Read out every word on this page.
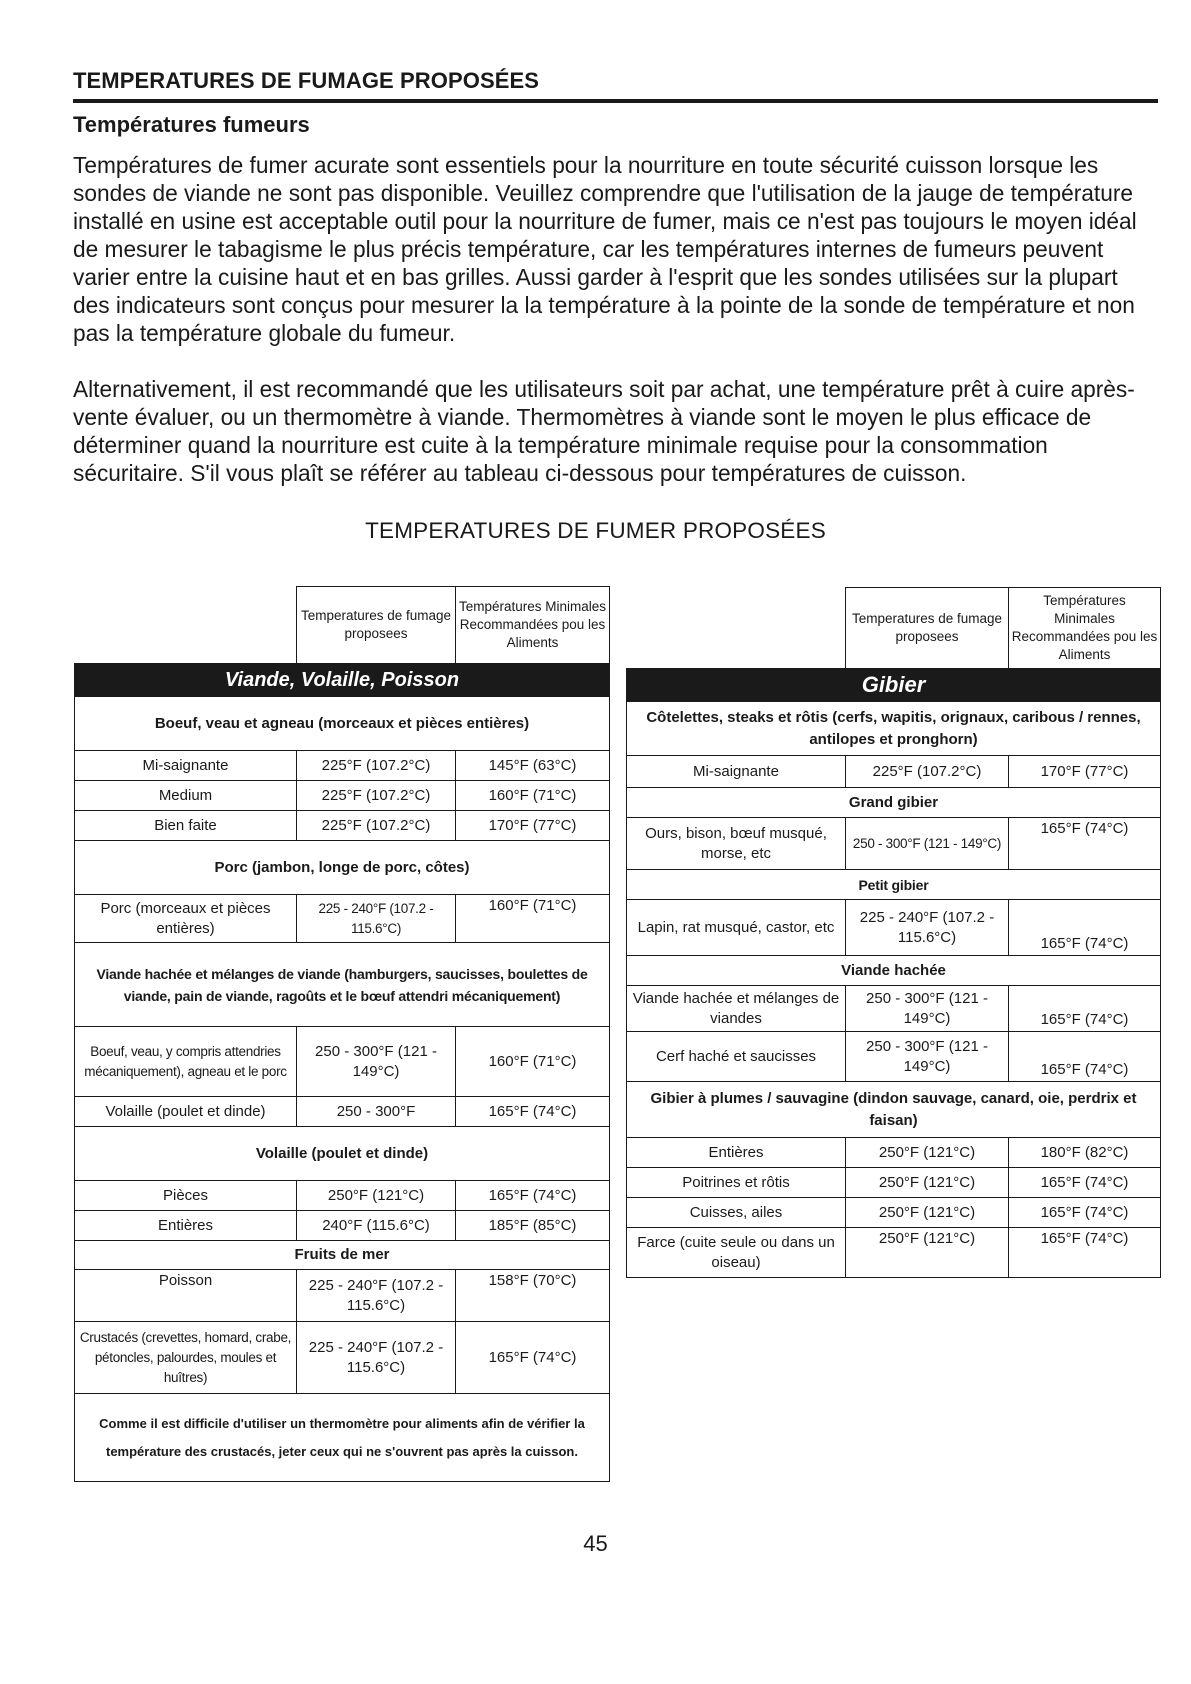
TEMPERATURES DE FUMAGE PROPOSÉES
Températures fumeurs

Températures de fumer acurate sont essentiels pour la nourriture en toute sécurité cuisson lorsque les sondes de viande ne sont pas disponible. Veuillez comprendre que l'utilisation de la jauge de température installé en usine est acceptable outil pour la nourriture de fumer, mais ce n'est pas toujours le moyen idéal de mesurer le tabagisme le plus précis température, car les températures internes de fumeurs peuvent varier entre la cuisine haut et en bas grilles. Aussi garder à l'esprit que les sondes utilisées sur la plupart des indicateurs sont conçus pour mesurer la la température à la pointe de la sonde de température et non pas la température globale du fumeur.

Alternativement, il est recommandé que les utilisateurs soit par achat, une température prêt à cuire après-vente évaluer, ou un thermomètre à viande. Thermomètres à viande sont le moyen le plus efficace de déterminer quand la nourriture est cuite à la température minimale requise pour la consommation sécuritaire. S'il vous plaît se référer au tableau ci-dessous pour températures de cuisson.

TEMPERATURES DE FUMER PROPOSÉES
	Temperatures de fumage proposees	Températures Minimales Recommandées pou les Aliments
Viande, Volaille, Poisson		
Boeuf, veau et agneau (morceaux et pièces entières)		
Mi-saignante	225°F (107.2°C)	145°F (63°C)
Medium	225°F (107.2°C)	160°F (71°C)
Bien faite	225°F (107.2°C)	170°F (77°C)
Porc (jambon, longe de porc, côtes)		
Porc (morceaux et pièces entières)	225 - 240°F (107.2 - 115.6°C)	160°F (71°C)
Viande hachée et mélanges de viande (hamburgers, saucisses, boulettes de viande, pain de viande, ragoûts et le bœuf attendri mécaniquement)		
Boeuf, veau, y compris attendries mécaniquement), agneau et le porc	250 - 300°F (121 - 149°C)	160°F (71°C)
Volaille (poulet et dinde)	250 - 300°F	165°F (74°C)
Volaille (poulet et dinde)		
Pièces	250°F (121°C)	165°F (74°C)
Entières	240°F (115.6°C)	185°F (85°C)
Fruits de mer		
Poisson	225 - 240°F (107.2 - 115.6°C)	158°F (70°C)
Crustacés (crevettes, homard, crabe, pétoncles, palourdes, moules et huîtres)	225 - 240°F (107.2 - 115.6°C)	165°F (74°C)
Comme il est difficile d'utiliser un thermomètre pour aliments afin de vérifier la température des crustacés, jeter ceux qui ne s'ouvrent pas après la cuisson.		
	Temperatures de fumage proposees	Températures Minimales Recommandées pou les Aliments
Gibier		
Côtelettes, steaks et rôtis (cerfs, wapitis, orignaux, caribous / rennes, antilopes et pronghorn)		
Mi-saignante	225°F (107.2°C)	170°F (77°C)
Grand gibier		
Ours, bison, bœuf musqué, morse, etc	250 - 300°F (121 - 149°C)	165°F (74°C)
Petit gibier		
Lapin, rat musqué, castor, etc	225 - 240°F (107.2 - 115.6°C)	165°F (74°C)
Viande hachée		
Viande hachée et mélanges de viandes	250 - 300°F (121 - 149°C)	165°F (74°C)
Cerf haché et saucisses	250 - 300°F (121 - 149°C)	165°F (74°C)
Gibier à plumes / sauvagine (dindon sauvage, canard, oie, perdrix et faisan)		
Entières	250°F (121°C)	180°F (82°C)
Poitrines et rôtis	250°F (121°C)	165°F (74°C)
Cuisses, ailes	250°F (121°C)	165°F (74°C)
Farce (cuite seule ou dans un oiseau)	250°F (121°C)	165°F (74°C)
45
